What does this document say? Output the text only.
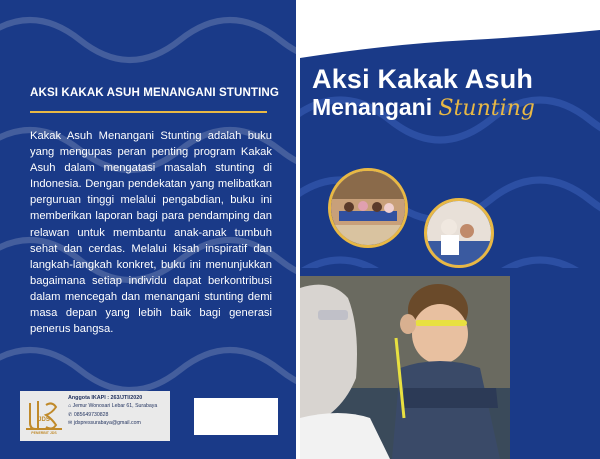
AKSI KAKAK ASUH MENANGANI STUNTING
Kakak Asuh Menangani Stunting adalah buku yang mengupas peran penting program Kakak Asuh dalam mengatasi masalah stunting di Indonesia. Dengan pendekatan yang melibatkan perguruan tinggi melalui pengabdian, buku ini memberikan laporan bagi para pendamping dan relawan untuk membantu anak-anak tumbuh sehat dan cerdas. Melalui kisah inspiratif dan langkah-langkah konkret, buku ini menunjukkan bagaimana setiap individu dapat berkontribusi dalam mencegah dan menangani stunting demi masa depan yang lebih baik bagi generasi penerus bangsa.
JDS
PENERBIT JDS
Anggota IKAPI : 263/JTI/2020
⌂ Jemur Wonosari Lebar 61, Surabaya
✆ 085649730828
✉ jdspressurabaya@gmail.com
Aksi Kakak Asuh
Menangani Stunting
